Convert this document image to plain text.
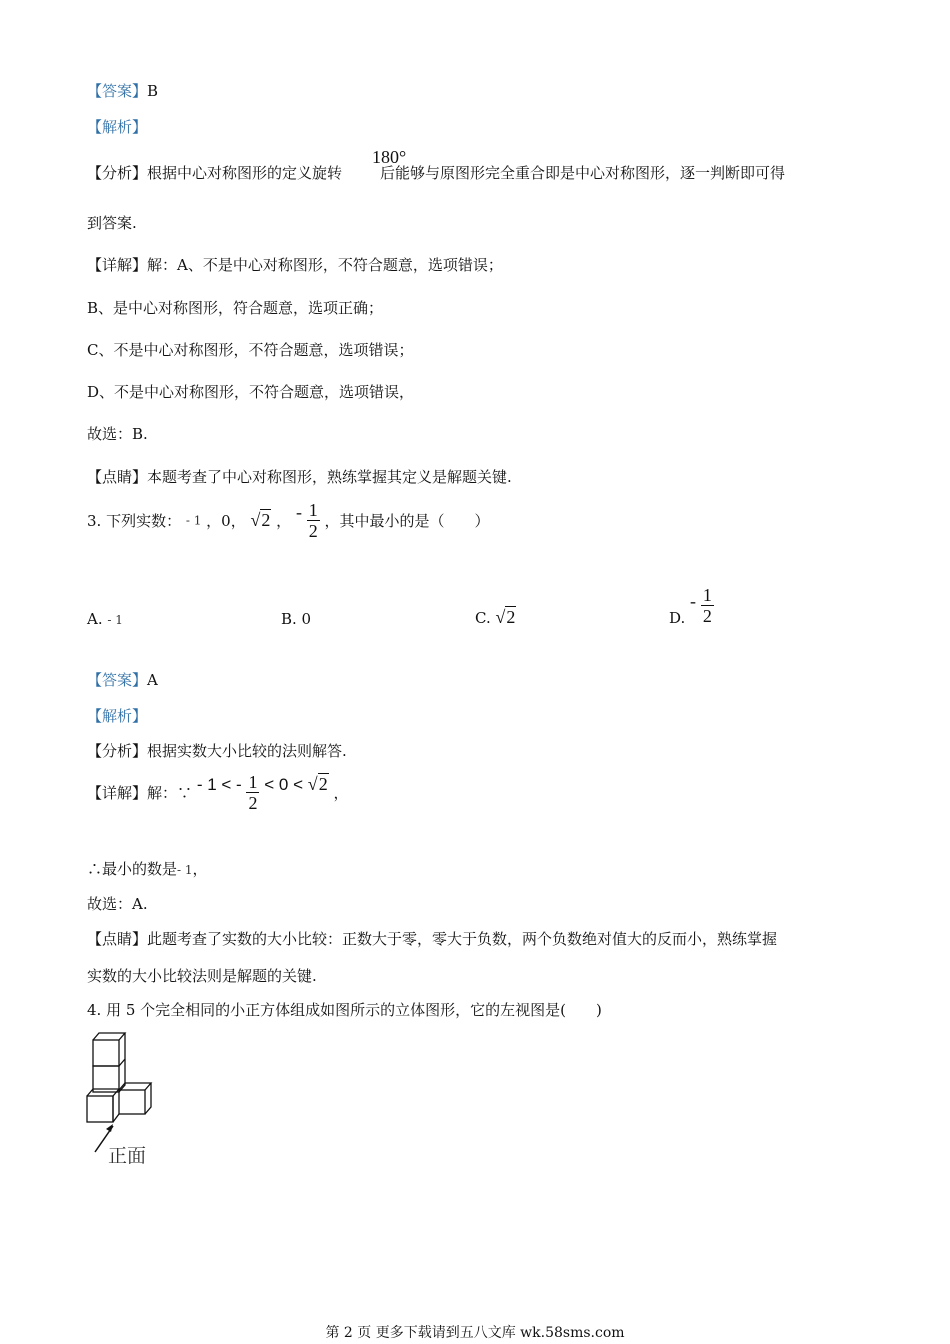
【答案】B
【解析】
【分析】根据中心对称图形的定义旋转	后能够与原图形完全重合即是中心对称图形，逐一判断即可得
180°
到答案.
【详解】解：A、不是中心对称图形，不符合题意，选项错误；
B、是中心对称图形，符合题意，选项正确；
C、不是中心对称图形，不符合题意，选项错误；
D、不是中心对称图形，不符合题意，选项错误，
故选：B.
【点睛】本题考查了中心对称图形，熟练掌握其定义是解题关键.
3. 下列实数： - 1 ，0， √2 ， - $\frac{1}{2}$ ，其中最小的是（　　）
A. - 1	B. 0	C. √2	D. - $\frac{1}{2}$
【答案】A
【解析】
【分析】根据实数大小比较的法则解答.
【详解】解：∵ - 1 < - $\frac{1}{2} < 0 < √2$ ，
∴最小的数是- 1，
故选：A.
【点睛】此题考查了实数的大小比较：正数大于零，零大于负数，两个负数绝对值大的反而小，熟练掌握
实数的大小比较法则是解题的关键.
4. 用 5 个完全相同的小正方体组成如图所示的立体图形，它的左视图是(　　)
正面
第 2 页 更多下载请到五八文库 wk.58sms.com
